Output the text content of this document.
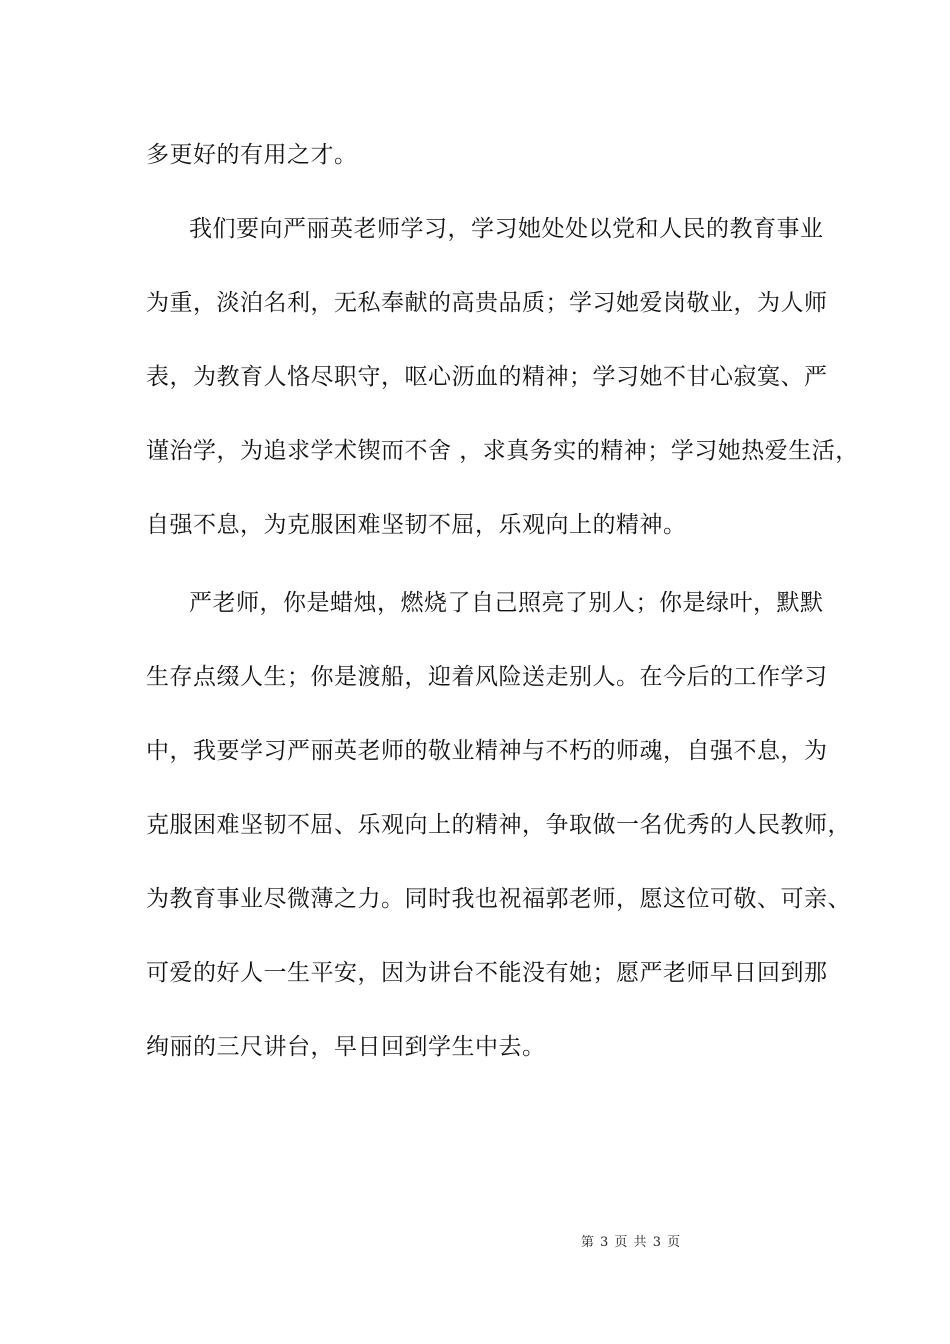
多更好的有用之才。
我们要向严丽英老师学习，学习她处处以党和人民的教育事业
为重，淡泊名利，无私奉献的高贵品质；学习她爱岗敬业，为人师
表，为教育人恪尽职守，呕心沥血的精神；学习她不甘心寂寞、严
谨治学，为追求学术锲而不舍 ，求真务实的精神；学习她热爱生活，
自强不息，为克服困难坚韧不屈，乐观向上的精神。
严老师，你是蜡烛，燃烧了自己照亮了别人；你是绿叶，默默
生存点缀人生；你是渡船，迎着风险送走别人。在今后的工作学习
中，我要学习严丽英老师的敬业精神与不朽的师魂，自强不息，为
克服困难坚韧不屈、乐观向上的精神，争取做一名优秀的人民教师，
为教育事业尽微薄之力。同时我也祝福郭老师，愿这位可敬、可亲、
可爱的好人一生平安，因为讲台不能没有她；愿严老师早日回到那
绚丽的三尺讲台，早日回到学生中去。
第 3 页 共 3 页
